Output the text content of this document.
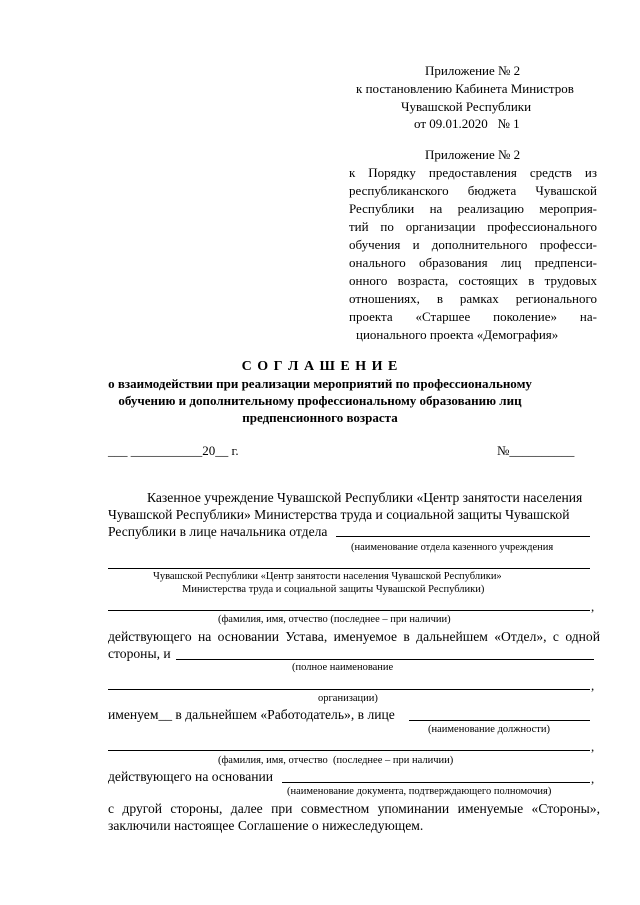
Приложение № 2
к постановлению Кабинета Министров
Чувашской Республики
от 09.01.2020   № 1
Приложение № 2
к Порядку предоставления средств из
республиканского бюджета Чувашской
Республики на реализацию мероприя-
тий по организации профессионального
обучения и дополнительного професси-
онального образования лиц предпенси-
онного возраста, состоящих в трудовых
отношениях, в рамках регионального
проекта «Старшее поколение» на-
ционального проекта «Демография»
С О Г Л А Ш Е Н И Е
о взаимодействии при реализации мероприятий по профессиональному
обучению и дополнительному профессиональному образованию лиц
предпенсионного возраста
___ ___________20__ г.	№__________
Казенное учреждение Чувашской Республики «Центр занятости населения
Чувашской Республики» Министерства труда и социальной защиты Чувашской
Республики в лице начальника отдела
(наименование отдела казенного учреждения
Чувашской Республики «Центр занятости населения Чувашской Республики»
Министерства труда и социальной защиты Чувашской Республики)
,
(фамилия, имя, отчество (последнее – при наличии)
действующего на основании Устава, именуемое в дальнейшем «Отдел», с одной
стороны, и
(полное наименование
,
организации)
именуем__ в дальнейшем «Работодатель», в лице
(наименование должности)
,
(фамилия, имя, отчество  (последнее – при наличии)
действующего на основании	,
(наименование документа, подтверждающего полномочия)
с другой стороны, далее при совместном упоминании именуемые «Стороны»,
заключили настоящее Соглашение о нижеследующем.
